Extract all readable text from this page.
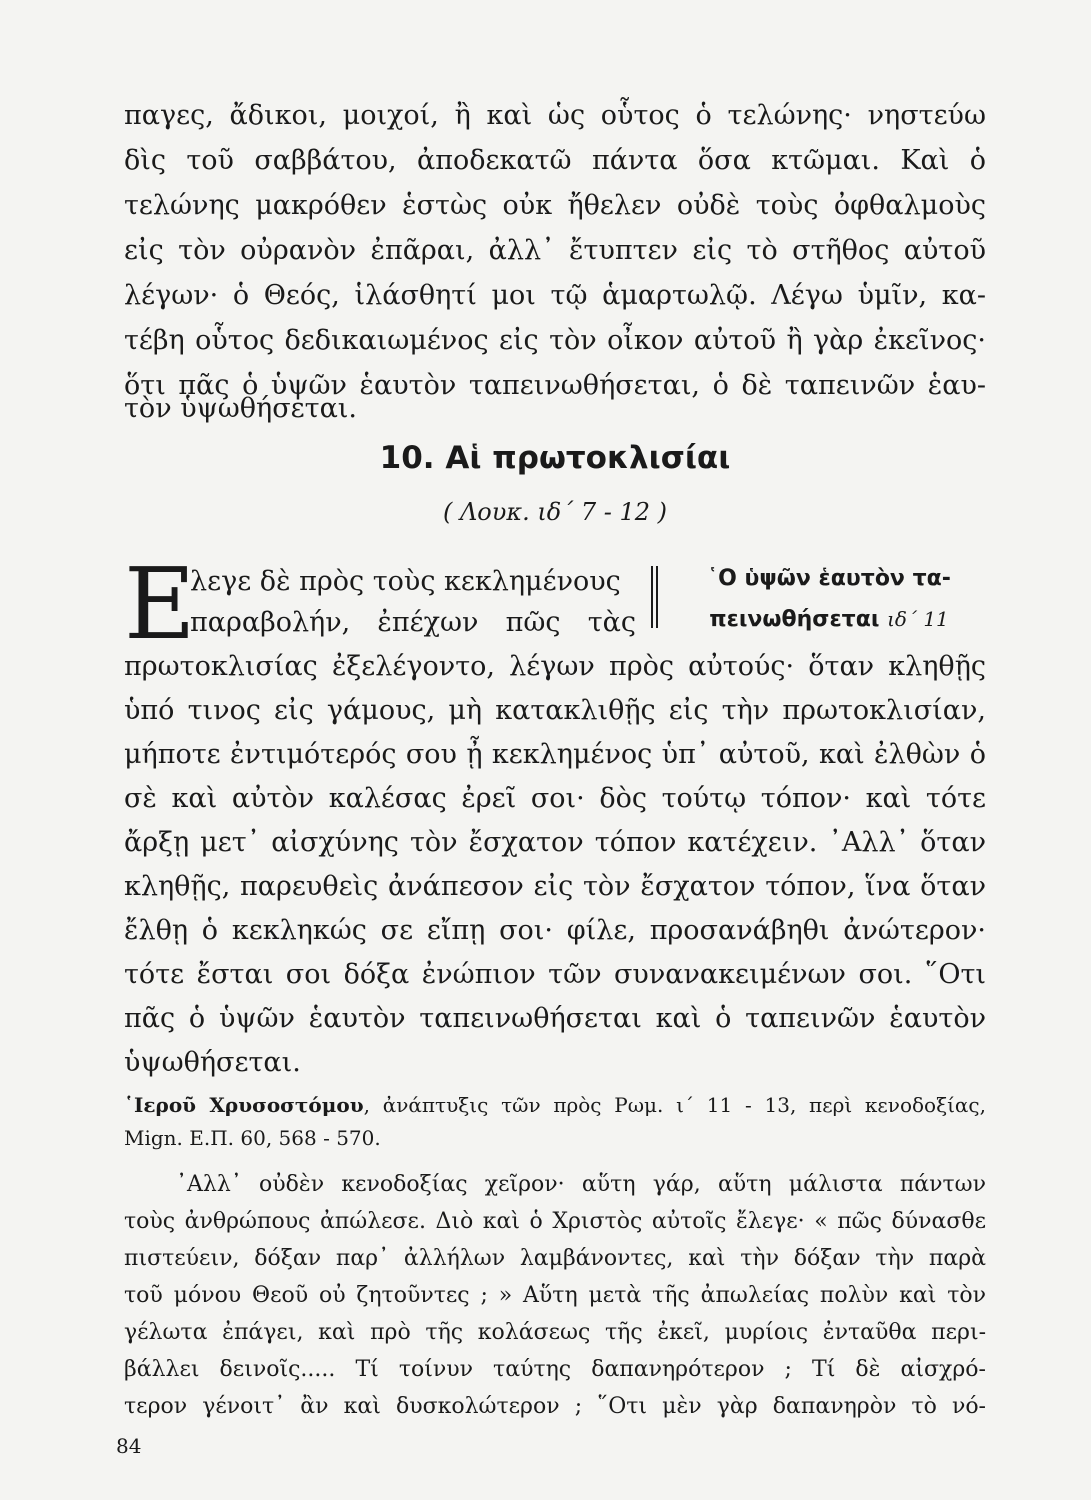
παγες, ἄδικοι, μοιχοί, ἢ καὶ ὡς οὗτος ὁ τελώνης· νηστεύω
δὶς τοῦ σαββάτου, ἀποδεκατῶ πάντα ὅσα κτῶμαι. Καὶ ὁ
τελώνης μακρόθεν ἑστὼς οὐκ ἤθελεν οὐδὲ τοὺς ὀφθαλμοὺς
εἰς τὸν οὐρανὸν ἐπᾶραι, ἀλλ᾽ ἔτυπτεν εἰς τὸ στῆθος αὐτοῦ
λέγων· ὁ Θεός, ἱλάσθητί μοι τῷ ἁμαρτωλῷ. Λέγω ὑμῖν, κα-
τέβη οὗτος δεδικαιωμένος εἰς τὸν οἶκον αὐτοῦ ἢ γὰρ ἐκεῖνος·
ὅτι πᾶς ὁ ὑψῶν ἑαυτὸν ταπεινωθήσεται, ὁ δὲ ταπεινῶν ἑαυ-
τὸν ὑψωθήσεται.
10. Αἱ πρωτοκλισίαι
( Λουκ. ιδ΄ 7 - 12 )
Ε
λεγε δὲ πρὸς τοὺς κεκλημένους
παραβολήν, ἐπέχων πῶς τὰς
῾Ο ὑψῶν ἑαυτὸν τα-
πεινωθήσεται ιδ΄ 11
πρωτοκλισίας ἐξελέγοντο, λέγων πρὸς αὐτούς· ὅταν κληθῇς
ὑπό τινος εἰς γάμους, μὴ κατακλιθῇς εἰς τὴν πρωτοκλισίαν,
μήποτε ἐντιμότερός σου ᾖ κεκλημένος ὑπ᾽ αὐτοῦ, καὶ ἐλθὼν ὁ
σὲ καὶ αὐτὸν καλέσας ἐρεῖ σοι· δὸς τούτῳ τόπον· καὶ τότε
ἄρξῃ μετ᾽ αἰσχύνης τὸν ἔσχατον τόπον κατέχειν. ᾽Αλλ᾽ ὅταν
κληθῇς, παρευθεὶς ἀνάπεσον εἰς τὸν ἔσχατον τόπον, ἵνα ὅταν
ἔλθῃ ὁ κεκληκώς σε εἴπῃ σοι· φίλε, προσανάβηθι ἀνώτερον·
τότε ἔσται σοι δόξα ἐνώπιον τῶν συνανακειμένων σοι. ῞Οτι
πᾶς ὁ ὑψῶν ἑαυτὸν ταπεινωθήσεται καὶ ὁ ταπεινῶν ἑαυτὸν
ὑψωθήσεται.
῾Ιεροῦ Χρυσοστόμου, ἀνάπτυξις τῶν πρὸς Ρωμ. ι΄ 11 - 13, περὶ κενοδοξίας,
Mign. Ε.Π. 60, 568 - 570.
᾽Αλλ᾽ οὐδὲν κενοδοξίας χεῖρον· αὕτη γάρ, αὕτη μάλιστα πάντων
τοὺς ἀνθρώπους ἀπώλεσε. Διὸ καὶ ὁ Χριστὸς αὐτοῖς ἔλεγε· « πῶς δύνασθε
πιστεύειν, δόξαν παρ᾽ ἀλλήλων λαμβάνοντες, καὶ τὴν δόξαν τὴν παρὰ
τοῦ μόνου Θεοῦ οὐ ζητοῦντες ; » Αὕτη μετὰ τῆς ἀπωλείας πολὺν καὶ τὸν
γέλωτα ἐπάγει, καὶ πρὸ τῆς κολάσεως τῆς ἐκεῖ, μυρίοις ἐνταῦθα περι-
βάλλει δεινοῖς..... Τί τοίνυν ταύτης δαπανηρότερον ; Τί δὲ αἰσχρό-
τερον γένοιτ᾽ ἂν καὶ δυσκολώτερον ; ῞Οτι μὲν γὰρ δαπανηρὸν τὸ νό-
84
